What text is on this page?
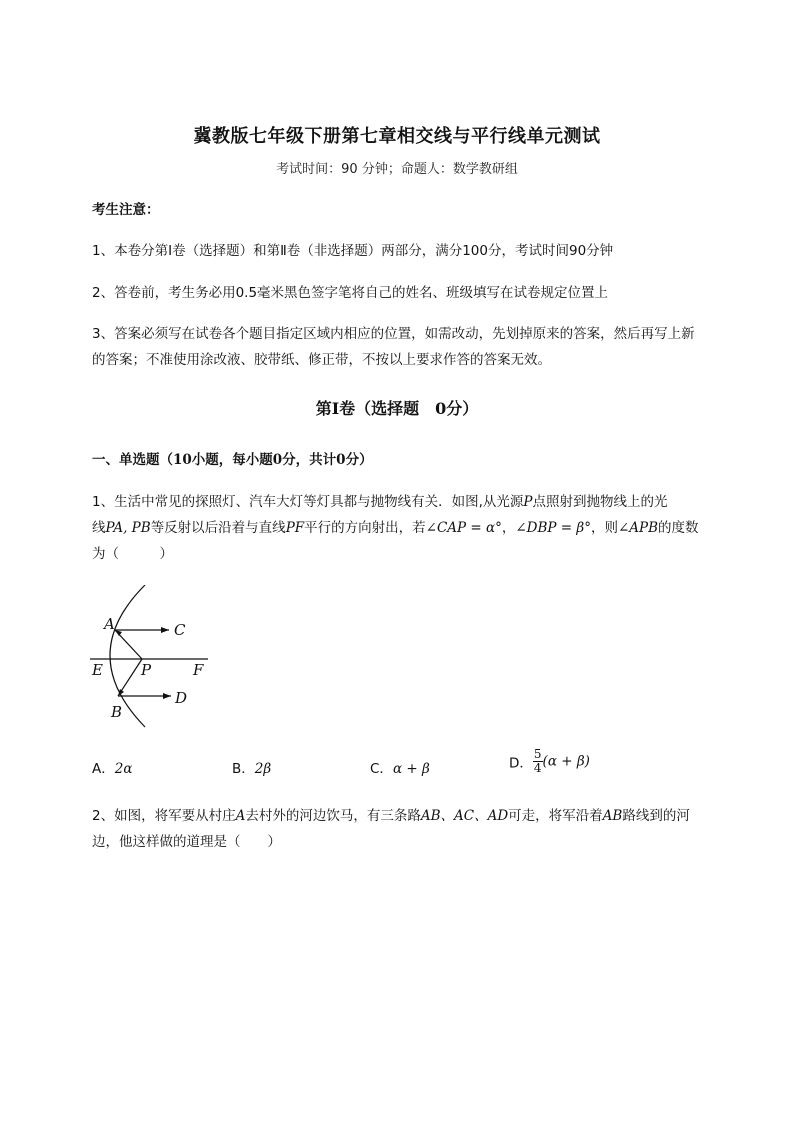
冀教版七年级下册第七章相交线与平行线单元测试
考试时间：90 分钟；命题人：数学教研组
考生注意：
1、本卷分第I卷（选择题）和第Ⅱ卷（非选择题）两部分，满分100分，考试时间90分钟
2、答卷前，考生务必用0.5毫米黑色签字笔将自己的姓名、班级填写在试卷规定位置上
3、答案必须写在试卷各个题目指定区域内相应的位置，如需改动，先划掉原来的答案，然后再写上新的答案；不准使用涂改液、胶带纸、修正带，不按以上要求作答的答案无效。
第I卷（选择题　0分）
一、单选题（10小题，每小题0分，共计0分）
1、生活中常见的探照灯、汽车大灯等灯具都与抛物线有关．如图,从光源P点照射到抛物线上的光
线PA, PB等反射以后沿着与直线PF平行的方向射出，若∠CAP = α°，∠DBP = β°，则∠APB的度数
为（　　　）
A	C
E	P	F
B
D
A．2α	B．2β	C．α + β	D． $\frac{5}{4} (\alpha + \beta)$
2、如图，将军要从村庄A去村外的河边饮马，有三条路AB、AC、AD可走，将军沿着AB路线到的河
边，他这样做的道理是（　　）
